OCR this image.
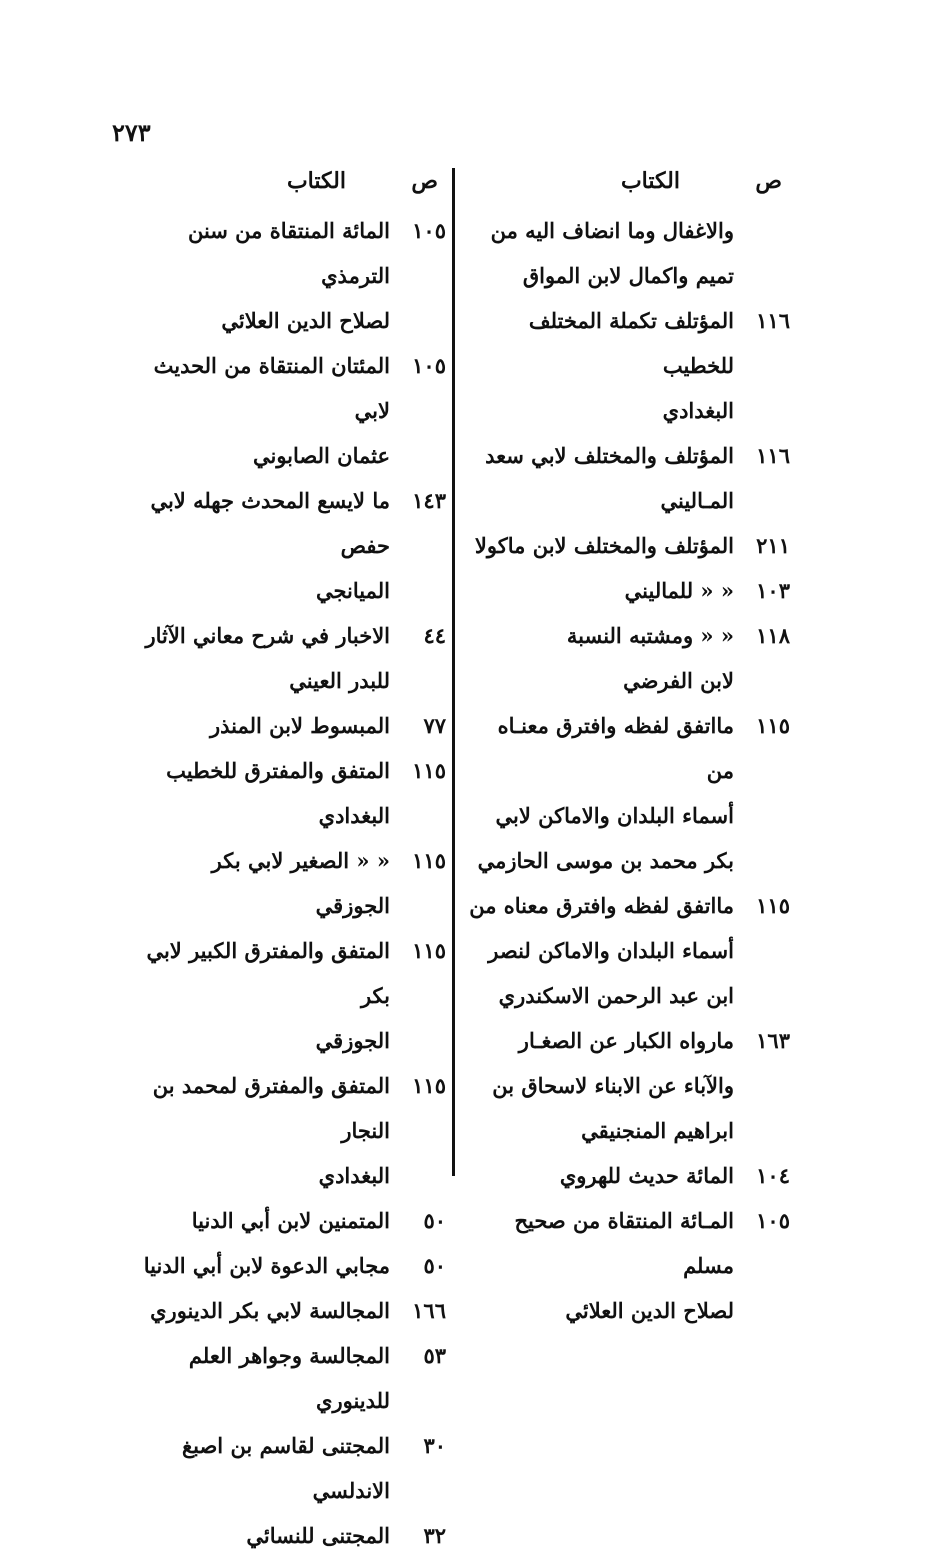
٢٧٣
ص
الكتاب
والاغفال وما انضاف اليه من
تميم واكمال لابن المواق
١١٦
المؤتلف تكملة المختلف للخطيب
البغدادي
١١٦
المؤتلف والمختلف لابي سعد
المـاليني
٢١١
المؤتلف والمختلف لابن ماكولا
١٠٣
« « للماليني
١١٨
« « ومشتبه النسبة
لابن الفرضي
١١٥
مااتفق لفظه وافترق معنـاه من
أسماء البلدان والاماكن لابي
بكر محمد بن موسى الحازمي
١١٥
مااتفق لفظه وافترق معناه من
أسماء البلدان والاماكن لنصر
ابن عبد الرحمن الاسكندري
١٦٣
مارواه الكبار عن الصغـار
والآباء عن الابناء لاسحاق بن
ابراهيم المنجنيقي
١٠٤
المائة حديث للهروي
١٠٥
المـائة المنتقاة من صحيح مسلم
لصلاح الدين العلائي
ص
الكتاب
١٠٥
المائة المنتقاة من سنن الترمذي
لصلاح الدين العلائي
١٠٥
المئتان المنتقاة من الحديث لابي
عثمان الصابوني
١٤٣
ما لايسع المحدث جهله لابي حفص
الميانجي
٤٤
الاخبار في شرح معاني الآثار
للبدر العيني
٧٧
المبسوط لابن المنذر
١١٥
المتفق والمفترق للخطيب البغدادي
١١٥
« « الصغير لابي بكر
الجوزقي
١١٥
المتفق والمفترق الكبير لابي بكر
الجوزقي
١١٥
المتفق والمفترق لمحمد بن النجار
البغدادي
٥٠
المتمنين لابن أبي الدنيا
٥٠
مجابي الدعوة لابن أبي الدنيا
١٦٦
المجالسة لابي بكر الدينوري
٥٣
المجالسة وجواهر العلم للدينوري
٣٠
المجتنى لقاسم بن اصبغ الاندلسي
٣٢
المجتنى للنسائي
